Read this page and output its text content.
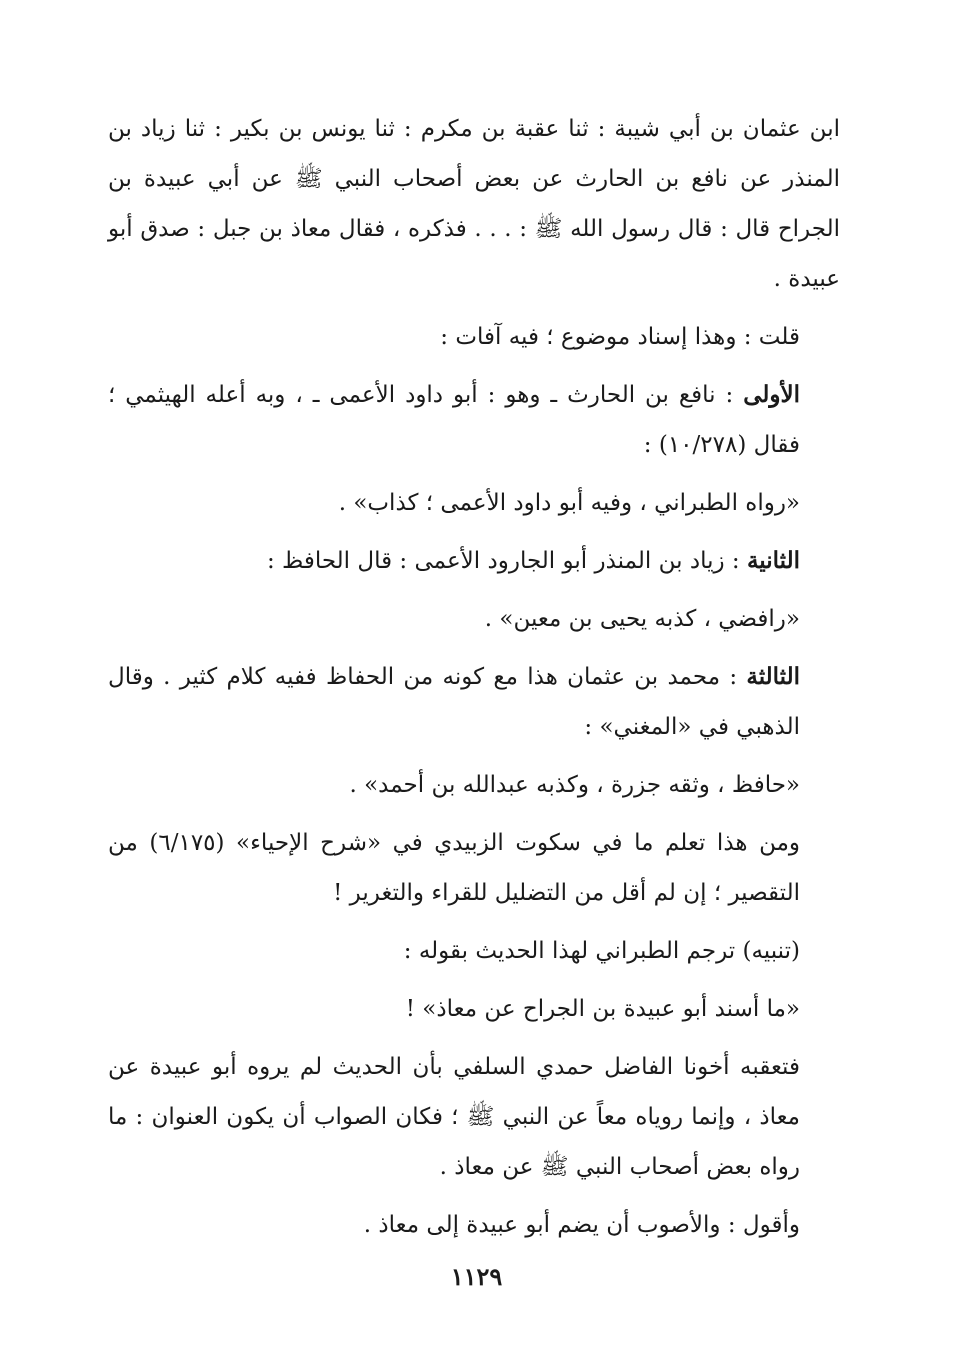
ابن عثمان بن أبي شيبة : ثنا عقبة بن مكرم : ثنا يونس بن بكير : ثنا زياد بن المنذر عن نافع بن الحارث عن بعض أصحاب النبي ﷺ عن أبي عبيدة بن الجراح قال : قال رسول الله ﷺ : . . . فذكره ، فقال معاذ بن جبل : صدق أبو عبيدة .

قلت : وهذا إسناد موضوع ؛ فيه آفات :

الأولى : نافع بن الحارث ـ وهو : أبو داود الأعمى ـ ، وبه أعله الهيثمي ؛ فقال (١٠/٢٧٨) :

«رواه الطبراني ، وفيه أبو داود الأعمى ؛ كذاب» .

الثانية : زياد بن المنذر أبو الجارود الأعمى : قال الحافظ :

«رافضي ، كذبه يحيى بن معين» .

الثالثة : محمد بن عثمان هذا مع كونه من الحفاظ ففيه كلام كثير . وقال الذهبي في «المغني» :

«حافظ ، وثقه جزرة ، وكذبه عبدالله بن أحمد» .

ومن هذا تعلم ما في سكوت الزبيدي في «شرح الإحياء» (٦/١٧٥) من التقصير ؛ إن لم أقل من التضليل للقراء والتغرير !

(تنبيه) ترجم الطبراني لهذا الحديث بقوله :

«ما أسند أبو عبيدة بن الجراح عن معاذ» !

فتعقبه أخونا الفاضل حمدي السلفي بأن الحديث لم يروه أبو عبيدة عن معاذ ، وإنما روياه معاً عن النبي ﷺ ؛ فكان الصواب أن يكون العنوان : ما رواه بعض أصحاب النبي ﷺ عن معاذ .

وأقول : والأصوب أن يضم أبو عبيدة إلى معاذ .

١١٢٩
